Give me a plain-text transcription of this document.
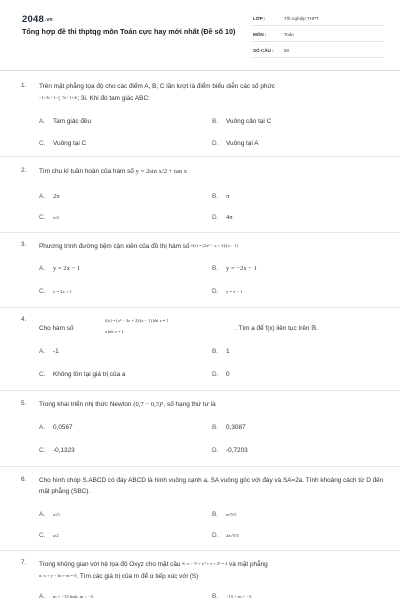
2048.vn
Tổng hợp đề thi thptqg môn Toán cực hay mới nhất (Đề số 10)
LỚP :	Tốt nghiệp THPT
MÔN :	Toán
SỐ CÂU : 50
1. Trên mặt phẳng tọa độ cho các điểm A, B, C lần lượt là điểm biểu diễn các số phức
−1+3i / 1−i; 5i / 1+2i; 3i. Khi đó tam giác ABC:
A. Tam giác đều	B. Vuông cân tại C
C. Vuông tại C	D. Vuông tại A
2. Tìm chu kì tuần hoàn của hàm số y = 2sin x/2 + tan x
A. 2π	B. π
C. π/2	D. 4π
3. Phương trình đường tiệm cận xiên của đồ thị hàm số f(x) = (2x² − x + 2)/(x − 1)
A. y = 2x − 1	B. y = −2x − 1
C. y = 2x + 1	D. y = x − 1
4.
Cho hàm số
f(x) = (x² − 3x + 2)/(x − 1) khi x ≠ 1
a khi x = 1	. Tìm a để f(x) liên tục trên ℝ.
A. -1	B. 1
C. Không tồn tại giá trị của a	D. 0
5. Trong khai triển nhị thức Newton (0,7 − 0,3)⁵, số hạng thứ tư là
A. 0,0567	B. 0,3087
C. -0,1323	D. -0,7203
6. Cho hình chóp S.ABCD có đáy ABCD là hình vuông cạnh a, SA vuông góc với đáy và SA=2a. Tính khoảng cách từ D đến mặt phẳng (SBC).
A. a√5	B. a√5/5
C. a/2	D. 2a√5/5
7. Trong không gian với hệ tọa độ Oxyz cho mặt cầu S: x − 1² + y² + z + 2² = 2 và mặt phẳng
α: x + y − 4z + m = 0. Tìm các giá trị của m để α tiếp xúc với (S)
A. m < −15 hoặc m > −3	B. −15 < m < −3
